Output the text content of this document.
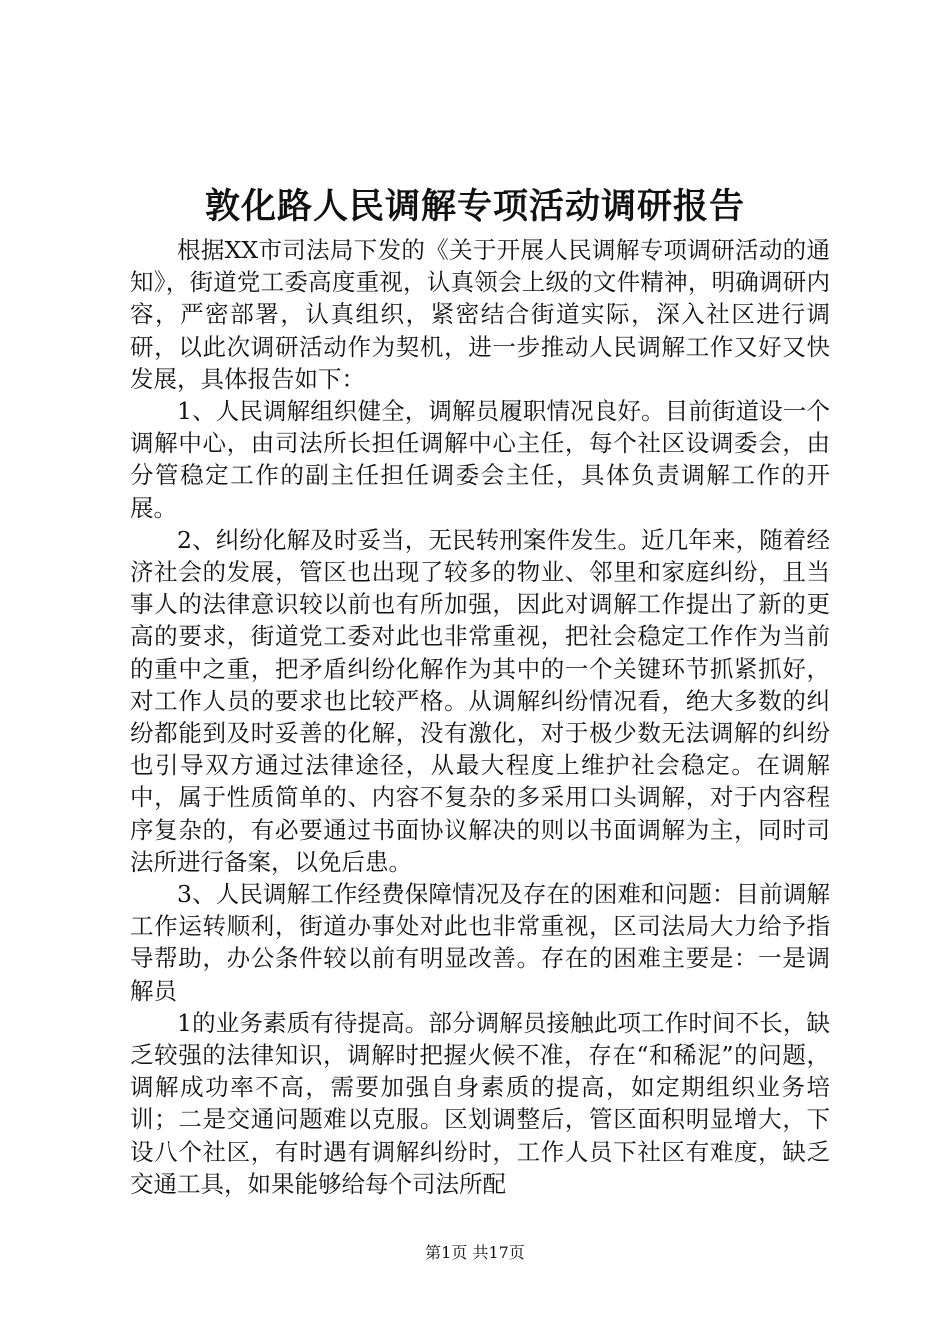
敦化路人民调解专项活动调研报告

根据XX市司法局下发的《关于开展人民调解专项调研活动的通知》，街道党工委高度重视，认真领会上级的文件精神，明确调研内容，严密部署，认真组织，紧密结合街道实际，深入社区进行调研，以此次调研活动作为契机，进一步推动人民调解工作又好又快发展，具体报告如下：

1、人民调解组织健全，调解员履职情况良好。目前街道设一个调解中心，由司法所长担任调解中心主任，每个社区设调委会，由分管稳定工作的副主任担任调委会主任，具体负责调解工作的开展。

2、纠纷化解及时妥当，无民转刑案件发生。近几年来，随着经济社会的发展，管区也出现了较多的物业、邻里和家庭纠纷，且当事人的法律意识较以前也有所加强，因此对调解工作提出了新的更高的要求，街道党工委对此也非常重视，把社会稳定工作作为当前的重中之重，把矛盾纠纷化解作为其中的一个关键环节抓紧抓好，对工作人员的要求也比较严格。从调解纠纷情况看，绝大多数的纠纷都能到及时妥善的化解，没有激化，对于极少数无法调解的纠纷也引导双方通过法律途径，从最大程度上维护社会稳定。在调解中，属于性质简单的、内容不复杂的多采用口头调解，对于内容程序复杂的，有必要通过书面协议解决的则以书面调解为主，同时司法所进行备案，以免后患。

3、人民调解工作经费保障情况及存在的困难和问题：目前调解工作运转顺利，街道办事处对此也非常重视，区司法局大力给予指导帮助，办公条件较以前有明显改善。存在的困难主要是：一是调解员

1的业务素质有待提高。部分调解员接触此项工作时间不长，缺乏较强的法律知识，调解时把握火候不准，存在“和稀泥”的问题，调解成功率不高，需要加强自身素质的提高，如定期组织业务培训；二是交通问题难以克服。区划调整后，管区面积明显增大，下设八个社区，有时遇有调解纠纷时，工作人员下社区有难度，缺乏交通工具，如果能够给每个司法所配

第1页 共17页
